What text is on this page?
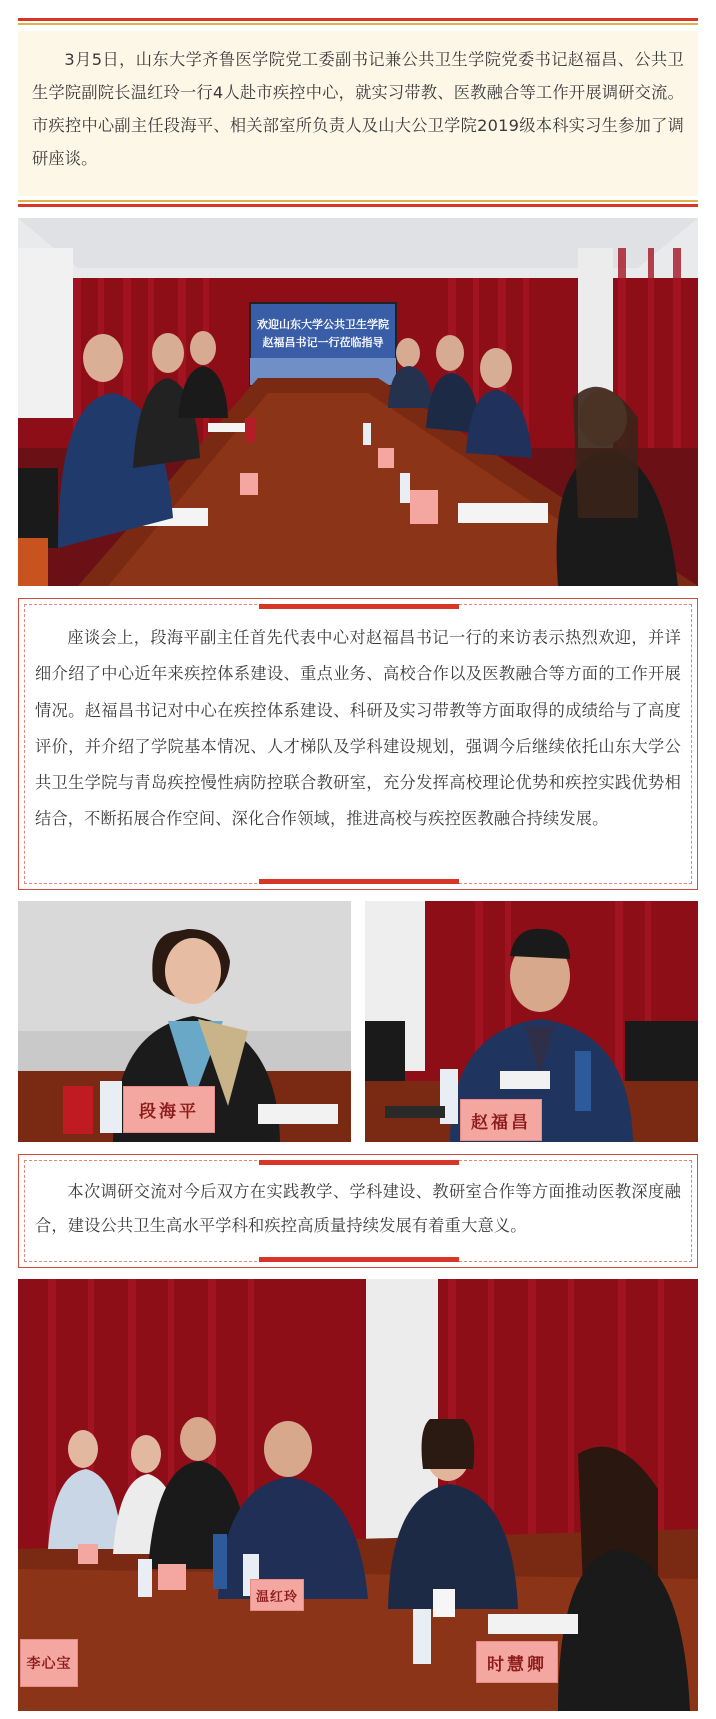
3月5日，山东大学齐鲁医学院党工委副书记兼公共卫生学院党委书记赵福昌、公共卫生学院副院长温红玲一行4人赴市疾控中心，就实习带教、医教融合等工作开展调研交流。市疾控中心副主任段海平、相关部室所负责人及山大公卫学院2019级本科实习生参加了调研座谈。

欢迎山东大学公共卫生学院
赵福昌书记一行莅临指导

座谈会上，段海平副主任首先代表中心对赵福昌书记一行的来访表示热烈欢迎，并详细介绍了中心近年来疾控体系建设、重点业务、高校合作以及医教融合等方面的工作开展情况。赵福昌书记对中心在疾控体系建设、科研及实习带教等方面取得的成绩给与了高度评价，并介绍了学院基本情况、人才梯队及学科建设规划，强调今后继续依托山东大学公共卫生学院与青岛疾控慢性病防控联合教研室，充分发挥高校理论优势和疾控实践优势相结合，不断拓展合作空间、深化合作领域，推进高校与疾控医教融合持续发展。

段海平
赵福昌

本次调研交流对今后双方在实践教学、学科建设、教研室合作等方面推动医教深度融合，建设公共卫生高水平学科和疾控高质量持续发展有着重大意义。

温红玲
时慧卿
李心宝
